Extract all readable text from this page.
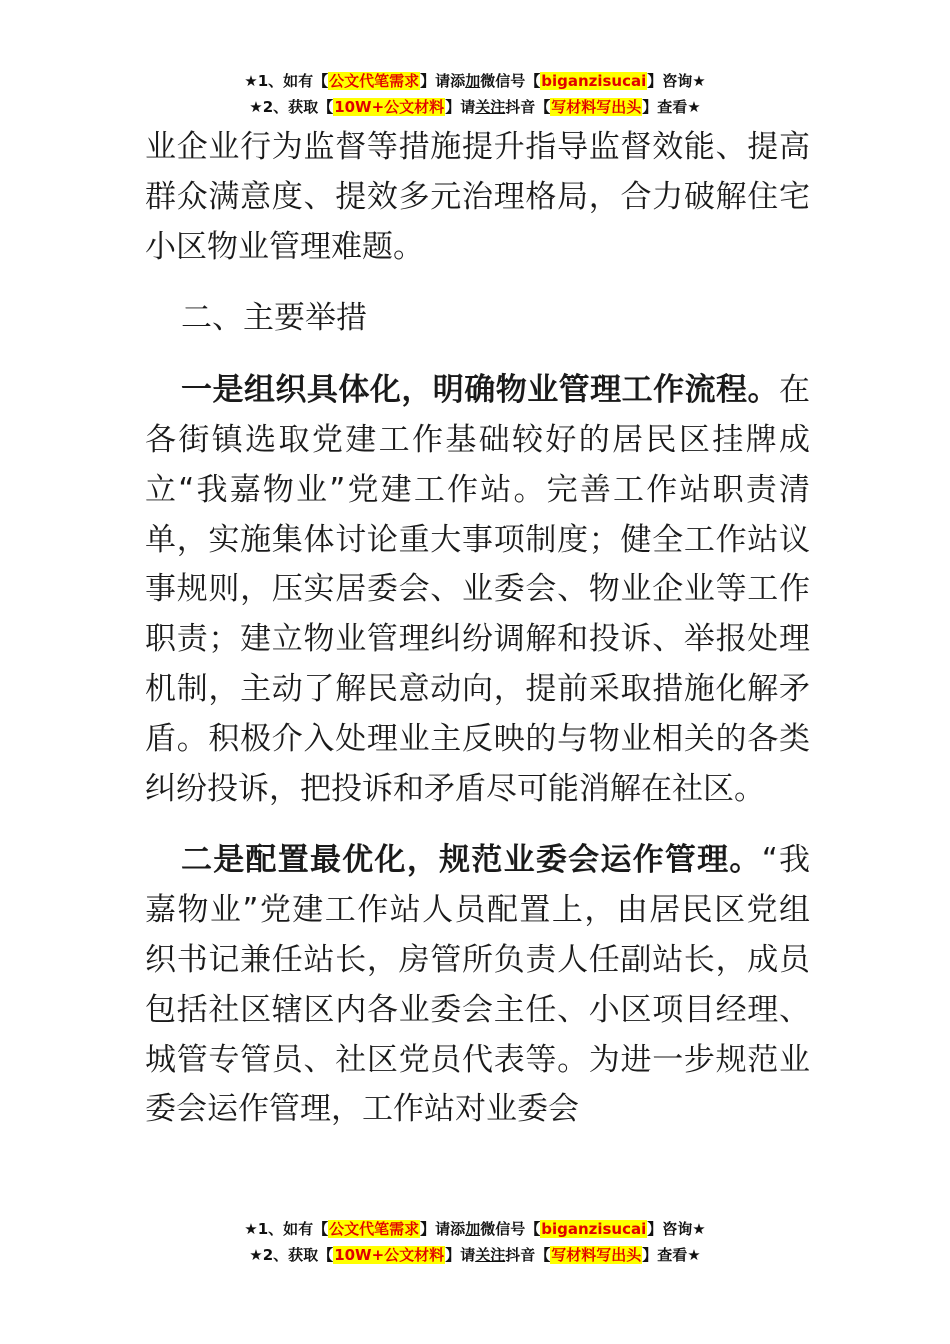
★1、如有【公文代笔需求】请添加微信号【biganzisucai】咨询★
★2、获取【10W+公文材料】请关注抖音【写材料写出头】查看★

业企业行为监督等措施提升指导监督效能、提高群众满意度、提效多元治理格局，合力破解住宅小区物业管理难题。

二、主要举措

一是组织具体化，明确物业管理工作流程。在各街镇选取党建工作基础较好的居民区挂牌成立“我嘉物业”党建工作站。完善工作站职责清单，实施集体讨论重大事项制度；健全工作站议事规则，压实居委会、业委会、物业企业等工作职责；建立物业管理纠纷调解和投诉、举报处理机制，主动了解民意动向，提前采取措施化解矛盾。积极介入处理业主反映的与物业相关的各类纠纷投诉，把投诉和矛盾尽可能消解在社区。

二是配置最优化，规范业委会运作管理。“我嘉物业”党建工作站人员配置上，由居民区党组织书记兼任站长，房管所负责人任副站长，成员包括社区辖区内各业委会主任、小区项目经理、城管专管员、社区党员代表等。为进一步规范业委会运作管理，工作站对业委会

★1、如有【公文代笔需求】请添加微信号【biganzisucai】咨询★
★2、获取【10W+公文材料】请关注抖音【写材料写出头】查看★
